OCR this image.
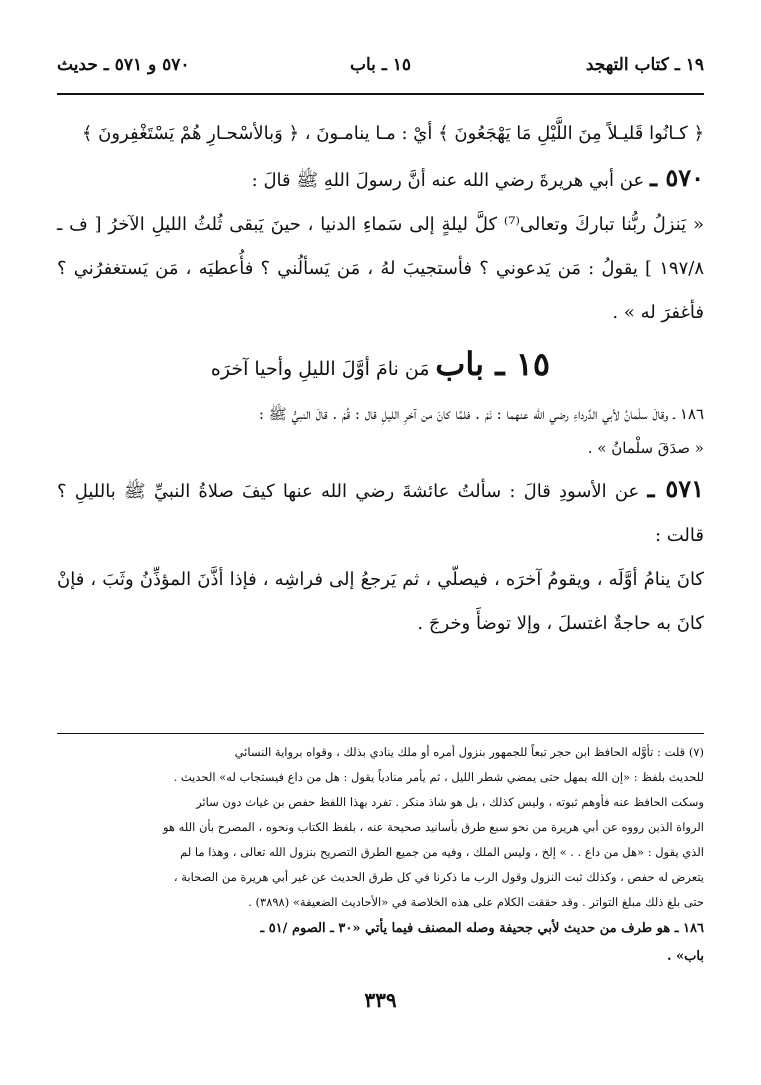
١٩ ـ كتاب التهجد
١٥ ـ باب
٥٧٠ و ٥٧١ ـ حديث

﴿ كـانُوا قَليـلاً مِنَ اللَّيْلِ مَا يَهْجَعُونَ ﴾ أيْ : مـا ينامـونَ ، ﴿ وَبالأسْحـارِ هُمْ يَسْتَغْفِرونَ ﴾

٥٧٠ ـ عن أبي هريرةَ رضي الله عنه أنَّ رسولَ اللهِ ﷺ قالَ :

« يَنزلُ ربُّنا تباركَ وتعالى⁽⁷⁾ كلَّ ليلةٍ إلى سَماءِ الدنيا ، حينَ يَبقى ثُلثُ الليلِ الآخرُ [ ف ـ ١٩٧/٨ ] يقولُ : مَن يَدعوني ؟ فأستجيبَ لهُ ، مَن يَسألُني ؟ فأُعطيَه ، مَن يَستغفرُني ؟ فأغفرَ له » .

١٥ ـ باب مَن نامَ أوَّلَ الليلِ وأحيا آخرَه

١٨٦ ـ وقالَ سلْمانُ لأبي الدَّرداءِ رضي الله عنهما : نَمْ . فلمَّا كانَ من آخرِ الليلِ قال : قُمْ . قالَ النبيُّ ﷺ :

« صدَقَ سلْمانُ » .

٥٧١ ـ عن الأسودِ قالَ : سألتُ عائشةَ رضي الله عنها كيفَ صلاةُ النبيِّ ﷺ بالليلِ ؟ قالت :

كانَ ينامُ أوَّلَه ، ويقومُ آخرَه ، فيصلّي ، ثم يَرجعُ إلى فراشِه ، فإذا أذَّنَ المؤذِّنُ وثَبَ ، فإنْ كانَ به حاجةٌ اغتسلَ ، وإلا توضأَ وخرجَ .

(٧) قلت : تأوَّله الحافظ ابن حجر تبعاً للجمهور بنزول أمره أو ملك ينادي بذلك ، وقواه برواية النسائي

للحديث بلفظ : «إن الله يمهل حتى يمضي شطر الليل ، ثم يأمر منادياً يقول : هل من داع فيستجاب له» الحديث .

وسكت الحافظ عنه فأوهم ثبوته ، وليس كذلك ، بل هو شاذ منكر . تفرد بهذا اللفظ حفص بن غياث دون سائر

الرواة الذين رووه عن أبي هريرة من نحو سبع طرق بأسانيد صحيحة عنه ، بلفظ الكتاب ونحوه ، المصرح بأن الله هو

الذي يقول : «هل من داع . . » إلخ ، وليس الملك ، وفيه من جميع الطرق التصريح بنزول الله تعالى ، وهذا ما لم

يتعرض له حفص ، وكذلك ثبت النزول وقول الرب ما ذكرنا في كل طرق الحديث عن غير أبي هريرة من الصحابة ،

حتى بلغ ذلك مبلغ التواتر . وقد حققت الكلام على هذه الخلاصة في «الأحاديث الضعيفة» (٣٨٩٨) .

١٨٦ ـ هو طرف من حديث لأبي جحيفة وصله المصنف فيما يأتي «٣٠ ـ الصوم /٥١ ـ

باب» .

٣٣٩
